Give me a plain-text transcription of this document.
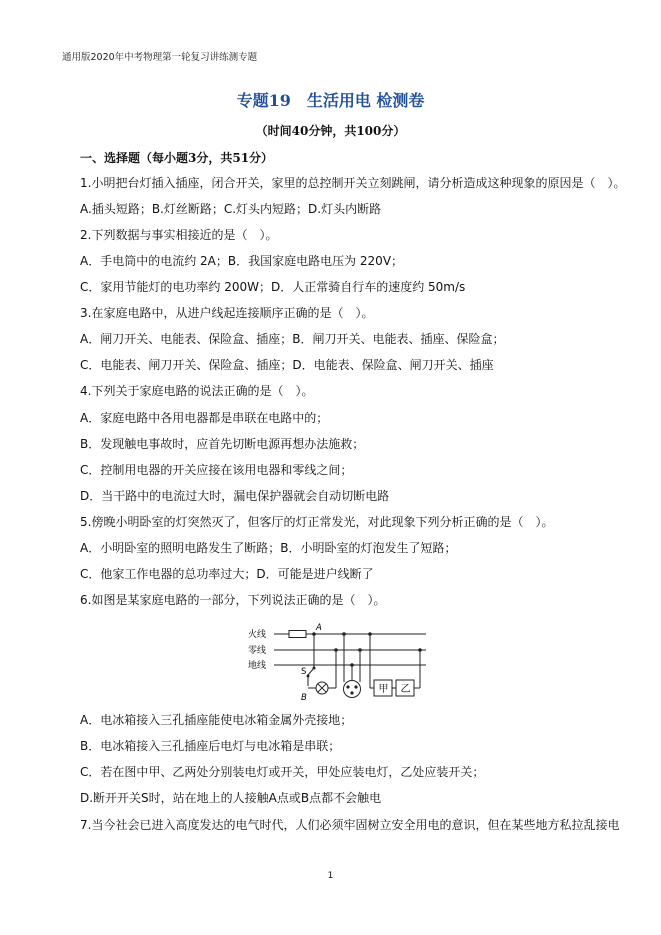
通用版2020年中考物理第一轮复习讲练测专题
专题19　生活用电 检测卷
（时间40分钟，共100分）
一、选择题（每小题3分，共51分）
1.小明把台灯插入插座，闭合开关，家里的总控制开关立刻跳闸，请分析造成这种现象的原因是（　）。
A.插头短路；B.灯丝断路；C.灯头内短路；D.灯头内断路
2.下列数据与事实相接近的是（　）。
A．手电筒中的电流约 2A；B．我国家庭电路电压为 220V；
C．家用节能灯的电功率约 200W；D．人正常骑自行车的速度约 50m/s
3.在家庭电路中，从进户线起连接顺序正确的是（　）。
A．闸刀开关、电能表、保险盒、插座；B．闸刀开关、电能表、插座、保险盒；
C．电能表、闸刀开关、保险盒、插座；D．电能表、保险盒、闸刀开关、插座
4.下列关于家庭电路的说法正确的是（　）。
A．家庭电路中各用电器都是串联在电路中的；
B．发现触电事故时，应首先切断电源再想办法施救；
C．控制用电器的开关应接在该用电器和零线之间；
D．当干路中的电流过大时，漏电保护器就会自动切断电路
5.傍晚小明卧室的灯突然灭了，但客厅的灯正常发光，对此现象下列分析正确的是（　）。
A．小明卧室的照明电路发生了断路；B．小明卧室的灯泡发生了短路；
C．他家工作电器的总功率过大；D．可能是进户线断了
6.如图是某家庭电路的一部分，下列说法正确的是（　）。
火线
零线
地线
A
S
B
甲 乙
A．电冰箱接入三孔插座能使电冰箱金属外壳接地；
B．电冰箱接入三孔插座后电灯与电冰箱是串联；
C．若在图中甲、乙两处分别装电灯或开关，甲处应装电灯，乙处应装开关；
D.断开开关S时，站在地上的人接触A点或B点都不会触电
7.当今社会已进入高度发达的电气时代，人们必须牢固树立安全用电的意识，但在某些地方私拉乱接电
1
